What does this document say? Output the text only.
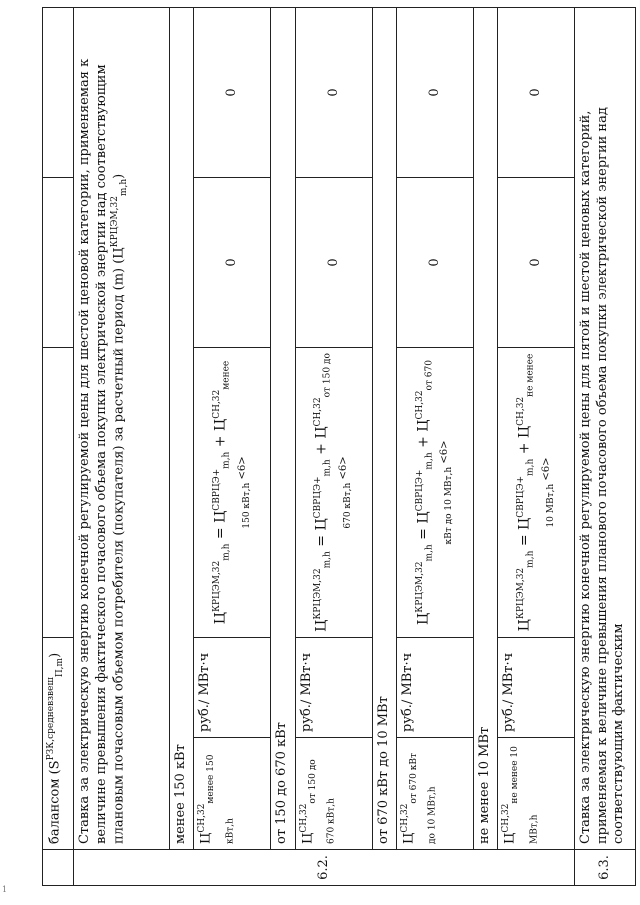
	балансом $(S^{РЗК,средневзвеш}_{П,m})$				
6.2.	Ставка за электрическую энергию конечной регулируемой цены для шестой ценовой категории, применяемая к величине превышения фактического почасового объема покупки электрической энергии над соответствующим плановым почасовым объемом потребителя (покупателя) за расчетный период (m) $(Ц^{КРЦЭМ,32}_{m,h})$				
	менее 150 кВт				
	$Ц^{СН,32}_{менее 150 кВт,h}$	руб./ МВт·ч	$Ц^{КРЦЭМ,32}_{m,h} = Ц^{СВРЦЭ+}_{m,h} + Ц^{СН,32}_{менее 150 кВт,h} <6>$	0	0
	от 150 до 670 кВт				
	$Ц^{СН,32}_{от 150 до 670 кВт,h}$	руб./ МВт·ч	$Ц^{КРЦЭМ,32}_{m,h} = Ц^{СВРЦЭ+}_{m,h} + Ц^{СН,32}_{от 150 до 670 кВт,h} <6>$	0	0
	от 670 кВт до 10 МВт				
	$Ц^{СН,32}_{от 670 кВт до 10 МВт,h}$	руб./ МВт·ч	$Ц^{КРЦЭМ,32}_{m,h} = Ц^{СВРЦЭ+}_{m,h} + Ц^{СН,32}_{от 670 кВт до 10 МВт,h} <6>$	0	0
	не менее 10 МВт				
	$Ц^{СН,32}_{не менее 10 МВт,h}$	руб./ МВт·ч	$Ц^{КРЦЭМ,32}_{m,h} = Ц^{СВРЦЭ+}_{m,h} + Ц^{СН,32}_{не менее 10 МВт,h} <6>$	0	0
6.3.	Ставка за электрическую энергию конечной регулируемой цены для пятой и шестой ценовых категорий, применяемая к величине превышения планового почасового объема покупки электрической энергии над соответствующим фактическим				
1
